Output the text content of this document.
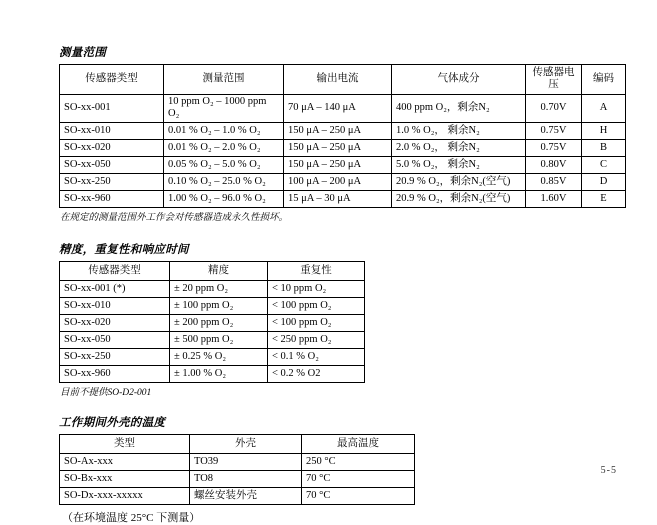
测量范围
传感器类型	测量范围	输出电流	气体成分	传感器电压	编码
SO-xx-001	10 ppm O₂ – 1000 ppm O₂	70 μA – 140 μA	400 ppm O₂，剩余N₂	0.70V	A
SO-xx-010	0.01 % O₂ – 1.0 % O₂	150 μA – 250 μA	1.0 % O₂， 剩余N₂	0.75V	H
SO-xx-020	0.01 % O₂ – 2.0 % O₂	150 μA – 250 μA	2.0 % O₂， 剩余N₂	0.75V	B
SO-xx-050	0.05 % O₂ – 5.0 % O₂	150 μA – 250 μA	5.0 % O₂， 剩余N₂	0.80V	C
SO-xx-250	0.10 % O₂ – 25.0 % O₂	100 μA – 200 μA	20.9 % O₂，剩余N₂(空气)	0.85V	D
SO-xx-960	1.00 % O₂ – 96.0 % O₂	15 μA – 30 μA	20.9 % O₂，剩余N₂(空气)	1.60V	E
在规定的测量范围外工作会对传感器造成永久性损坏。
精度，重复性和响应时间
传感器类型	精度	重复性
SO-xx-001 (*)	± 20 ppm O₂	< 10 ppm O₂
SO-xx-010	± 100 ppm O₂	< 100 ppm O₂
SO-xx-020	± 200 ppm O₂	< 100 ppm O₂
SO-xx-050	± 500 ppm O₂	< 250 ppm O₂
SO-xx-250	± 0.25 % O₂	< 0.1 % O₂
SO-xx-960	± 1.00 % O₂	< 0.2 % O2
目前不提供SO-D2-001
工作期间外壳的温度
类型	外壳	最高温度
SO-Ax-xxx	TO39	250 °C
SO-Bx-xxx	TO8	70 °C
SO-Dx-xxx-xxxxx	螺丝安装外壳	70 °C
（在环境温度 25°C 下测量）
5-5
